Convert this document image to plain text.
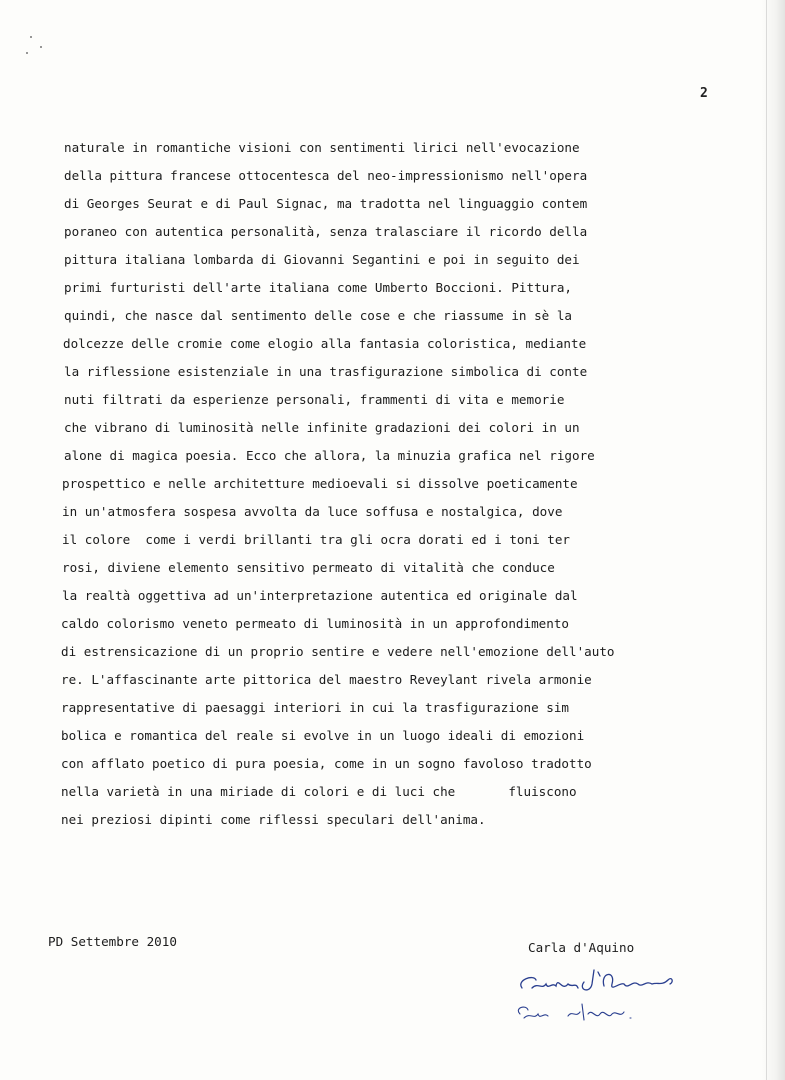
2
naturale in romantiche visioni con sentimenti lirici nell'evocazione
della pittura francese ottocentesca del neo-impressionismo nell'opera
di Georges Seurat e di Paul Signac, ma tradotta nel linguaggio contem
poraneo con autentica personalità, senza tralasciare il ricordo della
pittura italiana lombarda di Giovanni Segantini e poi in seguito dei
primi furturisti dell'arte italiana come Umberto Boccioni. Pittura,
quindi, che nasce dal sentimento delle cose e che riassume in sè la
dolcezze delle cromie come elogio alla fantasia coloristica, mediante
la riflessione esistenziale in una trasfigurazione simbolica di conte
nuti filtrati da esperienze personali, frammenti di vita e memorie
che vibrano di luminosità nelle infinite gradazioni dei colori in un
alone di magica poesia. Ecco che allora, la minuzia grafica nel rigore
prospettico e nelle architetture medioevali si dissolve poeticamente
in un'atmosfera sospesa avvolta da luce soffusa e nostalgica, dove
il colore  come i verdi brillanti tra gli ocra dorati ed i toni ter
rosi, diviene elemento sensitivo permeato di vitalità che conduce
la realtà oggettiva ad un'interpretazione autentica ed originale dal
caldo colorismo veneto permeato di luminosità in un approfondimento
di estrensicazione di un proprio sentire e vedere nell'emozione dell'auto
re. L'affascinante arte pittorica del maestro Reveylant rivela armonie
rappresentative di paesaggi interiori in cui la trasfigurazione sim
bolica e romantica del reale si evolve in un luogo ideali di emozioni
con afflato poetico di pura poesia, come in un sogno favoloso tradotto
nella varietà in una miriade di colori e di luci che       fluiscono
nei preziosi dipinti come riflessi speculari dell'anima.
PD Settembre 2010	Carla d'Aquino
